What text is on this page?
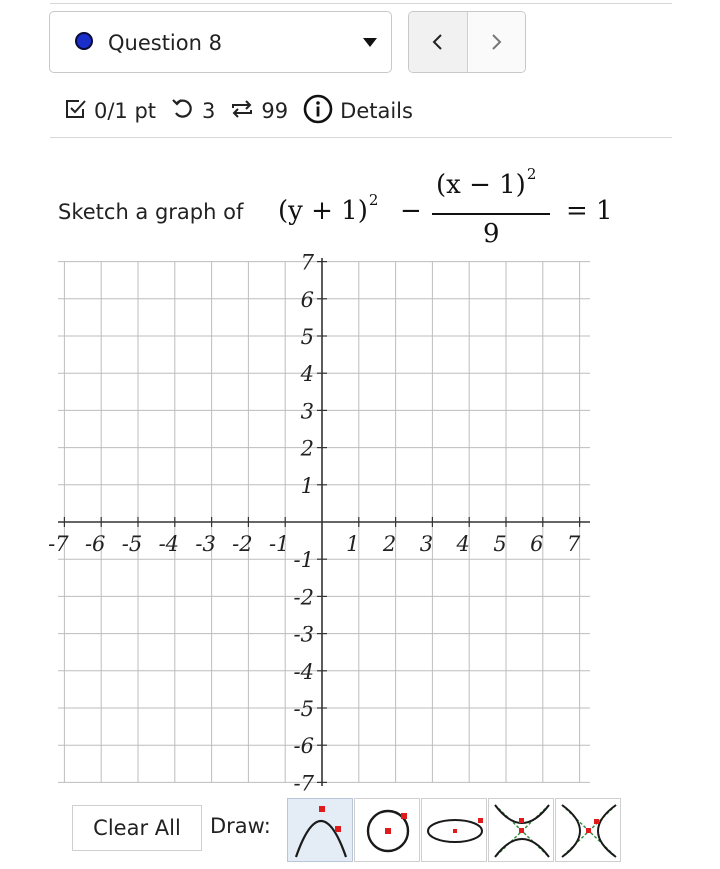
Question 8
0/1 pt 3 99 Details
Sketch a graph of $(y + 1)^2$ −
$(x - 1)^2$
9
= 1
-7 -6 -5 -4 -3 -2 -1	1 2 3 4 5 6 7
7
6
5
4
3
2
1
-1
-2
-3
-4
-5
-6
-7
Clear All	Draw:
